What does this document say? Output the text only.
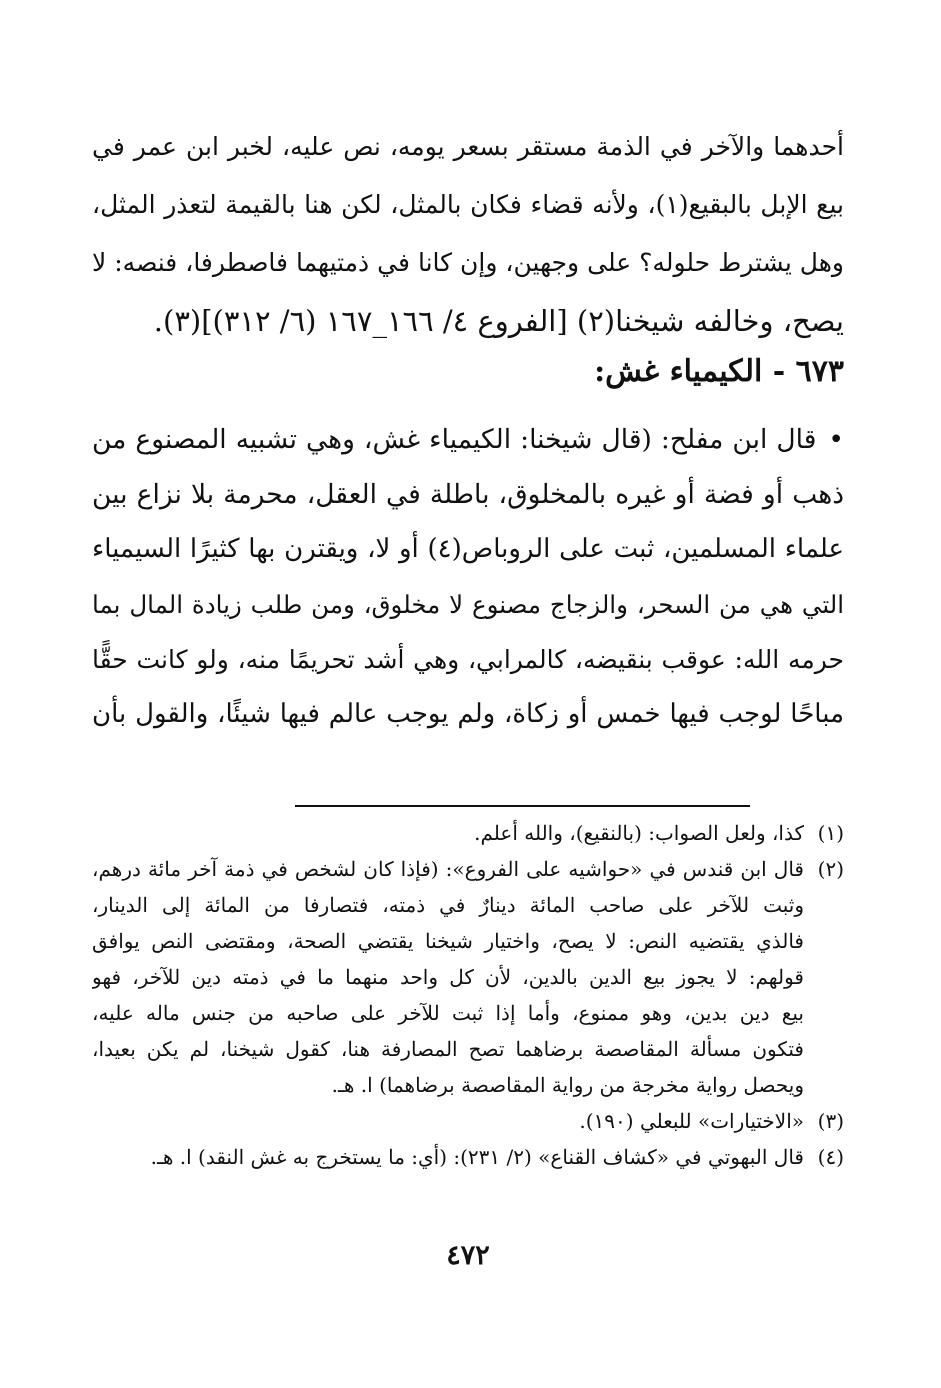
أحدهما والآخر في الذمة مستقر بسعر يومه، نص عليه، لخبر ابن عمر في
بيع الإبل بالبقيع(١)، ولأنه قضاء فكان بالمثل، لكن هنا بالقيمة لتعذر المثل،
وهل يشترط حلوله؟ على وجهين، وإن كانا في ذمتيهما فاصطرفا، فنصه: لا
يصح، وخالفه شيخنا(٢) [الفروع ٤/ ١٦٦_١٦٧ (٦/ ٣١٢)](٣).
٦٧٣ - الكيمياء غش:
•قال ابن مفلح: (قال شيخنا: الكيمياء غش، وهي تشبيه المصنوع من
ذهب أو فضة أو غيره بالمخلوق، باطلة في العقل، محرمة بلا نزاع بين
علماء المسلمين، ثبت على الروباص(٤) أو لا، ويقترن بها كثيرًا السيمياء
التي هي من السحر، والزجاج مصنوع لا مخلوق، ومن طلب زيادة المال بما
حرمه الله: عوقب بنقيضه، كالمرابي، وهي أشد تحريمًا منه، ولو كانت حقًّا
مباحًا لوجب فيها خمس أو زكاة، ولم يوجب عالم فيها شيئًا، والقول بأن
(١)
كذا، ولعل الصواب: (بالنقيع)، والله أعلم.
(٢)
قال ابن قندس في «حواشيه على الفروع»: (فإذا كان لشخص في ذمة آخر مائة درهم،
وثبت للآخر على صاحب المائة دينارٌ في ذمته، فتصارفا من المائة إلى الدينار،
فالذي يقتضيه النص: لا يصح، واختيار شيخنا يقتضي الصحة، ومقتضى النص يوافق
قولهم: لا يجوز بيع الدين بالدين، لأن كل واحد منهما ما في ذمته دين للآخر، فهو
بيع دين بدين، وهو ممنوع، وأما إذا ثبت للآخر على صاحبه من جنس ماله عليه،
فتكون مسألة المقاصصة برضاهما تصح المصارفة هنا، كقول شيخنا، لم يكن بعيدا،
ويحصل رواية مخرجة من رواية المقاصصة برضاهما) ا. هـ.
(٣)
«الاختيارات» للبعلي (١٩٠).
(٤)
قال البهوتي في «كشاف القناع» (٢/ ٢٣١): (أي: ما يستخرج به غش النقد) ا. هـ.
٤٧٢
